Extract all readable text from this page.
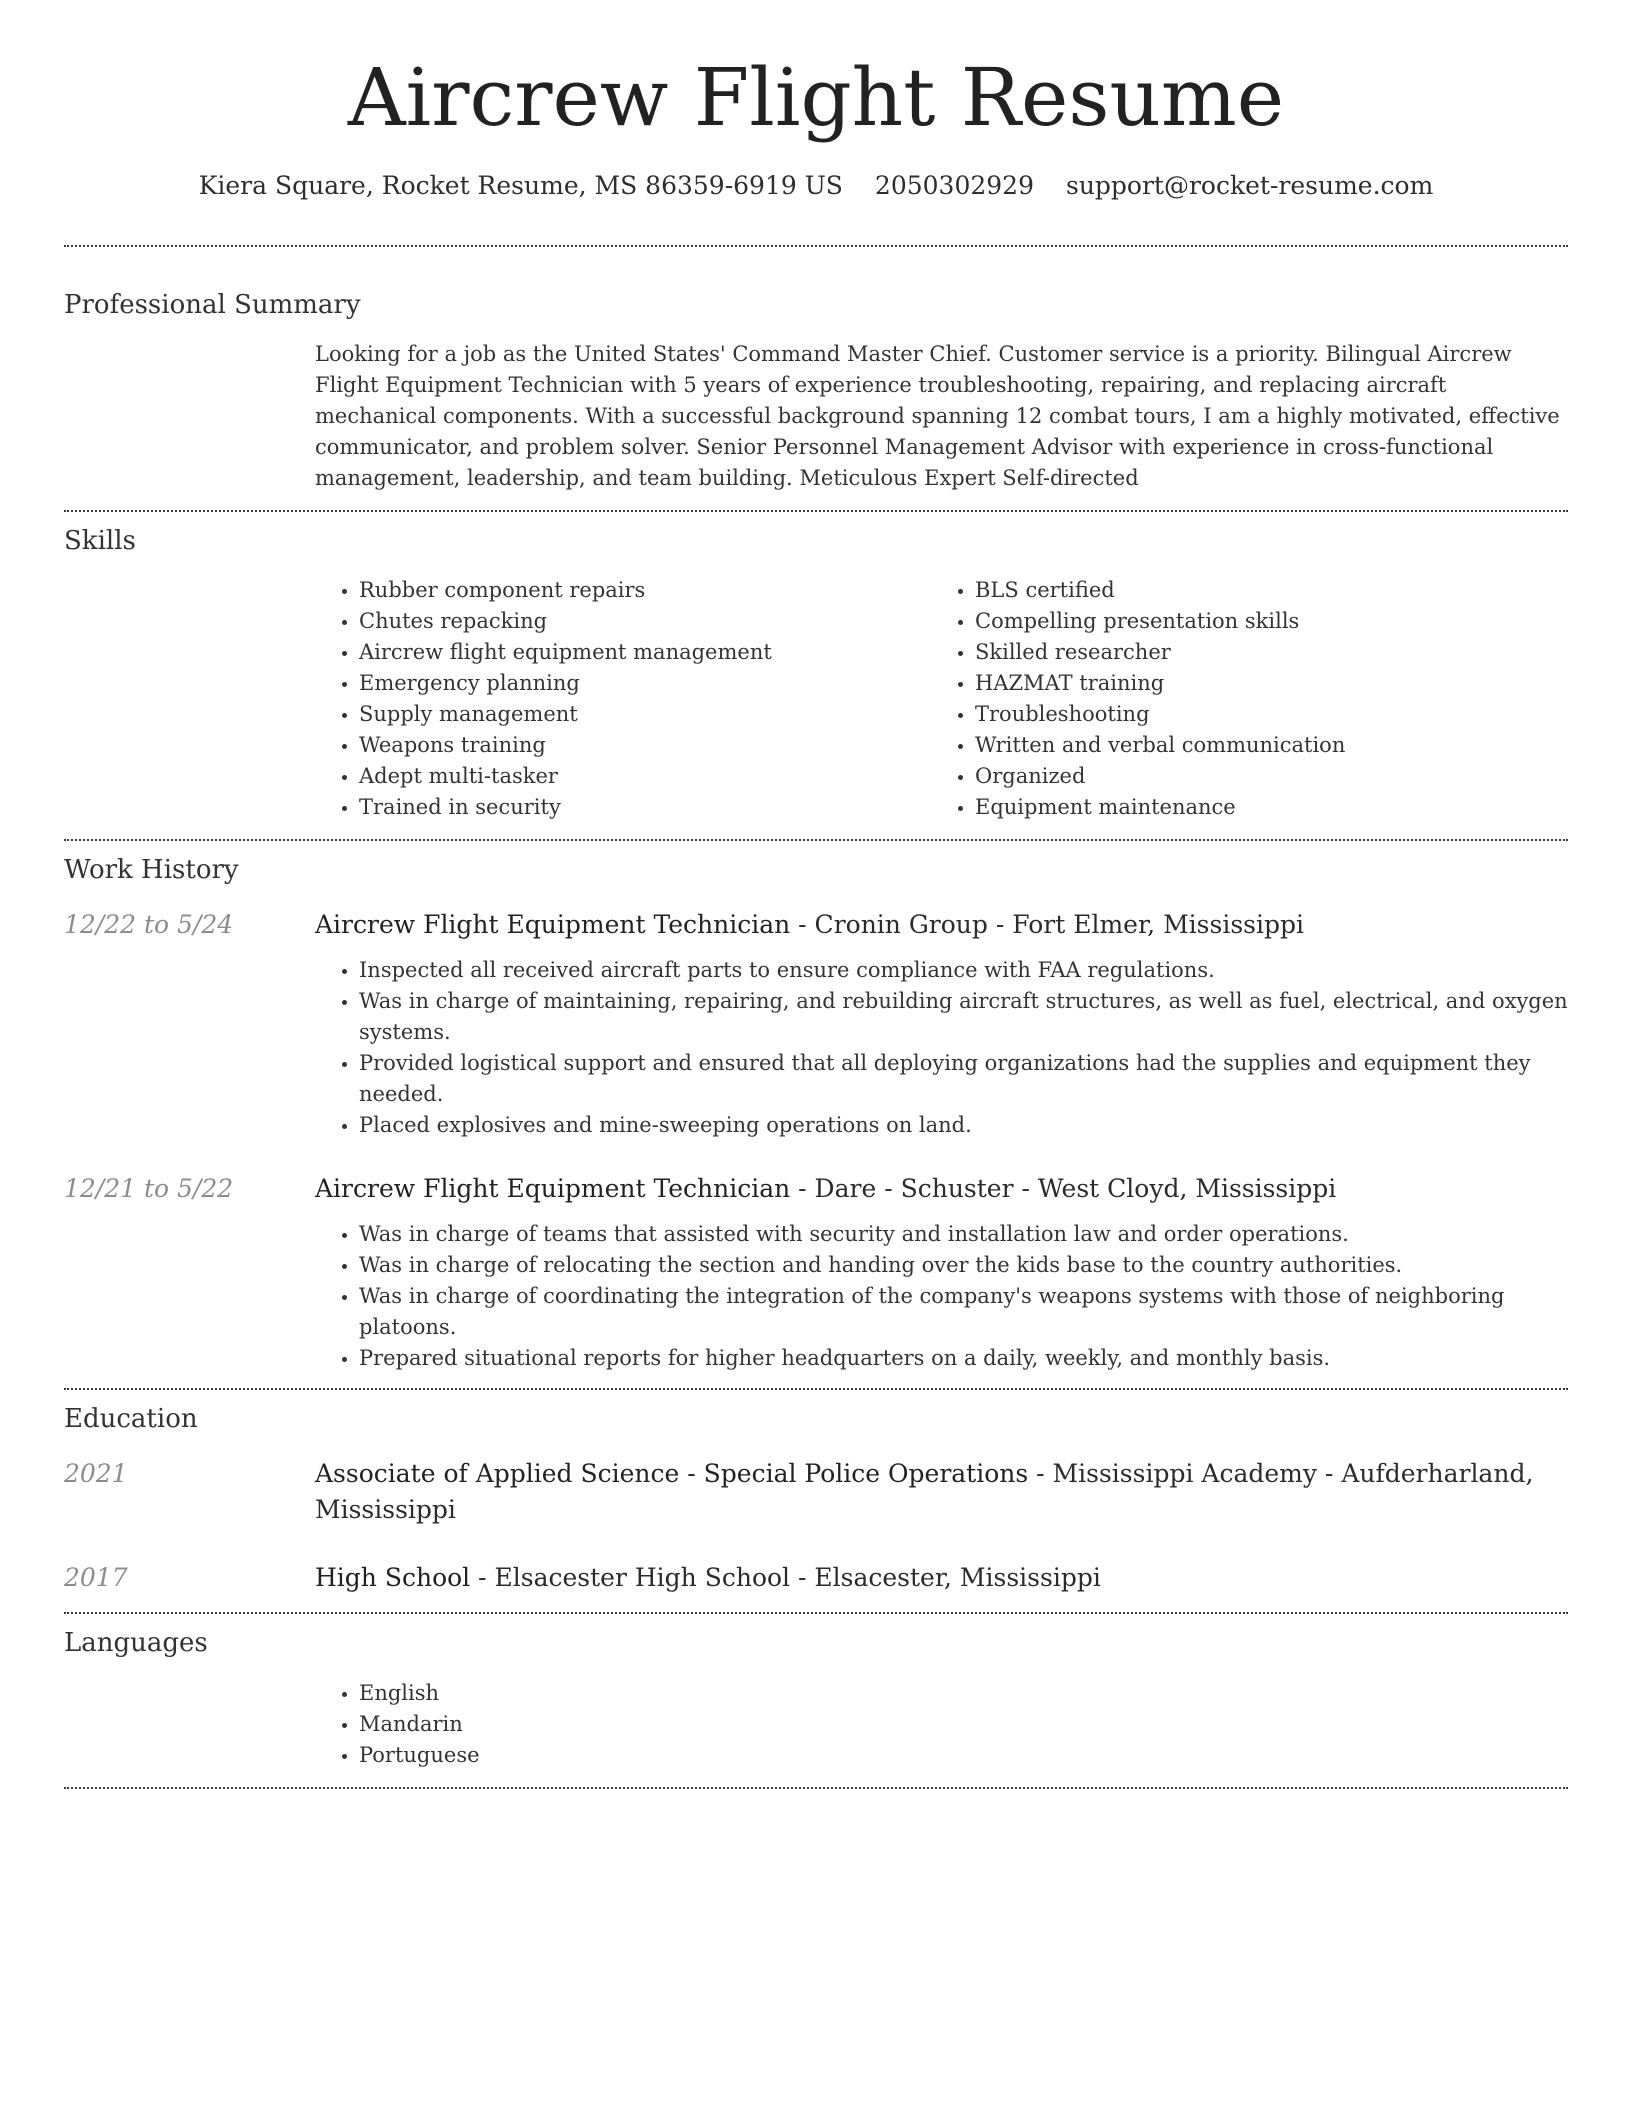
Aircrew Flight Resume
Kiera Square, Rocket Resume, MS 86359-6919 US 2050302929 support@rocket-resume.com
Professional Summary

Looking for a job as the United States' Command Master Chief. Customer service is a priority. Bilingual Aircrew Flight Equipment Technician with 5 years of experience troubleshooting, repairing, and replacing aircraft mechanical components. With a successful background spanning 12 combat tours, I am a highly motivated, effective communicator, and problem solver. Senior Personnel Management Advisor with experience in cross-functional management, leadership, and team building. Meticulous Expert Self-directed

Skills
• Rubber component repairs
• Chutes repacking
• Aircrew flight equipment management
• Emergency planning
• Supply management
• Weapons training
• Adept multi-tasker
• Trained in security
• BLS certified
• Compelling presentation skills
• Skilled researcher
• HAZMAT training
• Troubleshooting
• Written and verbal communication
• Organized
• Equipment maintenance
Work History
12/22 to 5/24	Aircrew Flight Equipment Technician - Cronin Group - Fort Elmer, Mississippi
• Inspected all received aircraft parts to ensure compliance with FAA regulations.
• Was in charge of maintaining, repairing, and rebuilding aircraft structures, as well as fuel, electrical, and oxygen systems.
• Provided logistical support and ensured that all deploying organizations had the supplies and equipment they needed.
• Placed explosives and mine-sweeping operations on land.
12/21 to 5/22	Aircrew Flight Equipment Technician - Dare - Schuster - West Cloyd, Mississippi
• Was in charge of teams that assisted with security and installation law and order operations.
• Was in charge of relocating the section and handing over the kids base to the country authorities.
• Was in charge of coordinating the integration of the company's weapons systems with those of neighboring platoons.
• Prepared situational reports for higher headquarters on a daily, weekly, and monthly basis.
Education
2021	Associate of Applied Science - Special Police Operations - Mississippi Academy - Aufderharland, Mississippi
2017	High School - Elsacester High School - Elsacester, Mississippi
Languages
• English
• Mandarin
• Portuguese
